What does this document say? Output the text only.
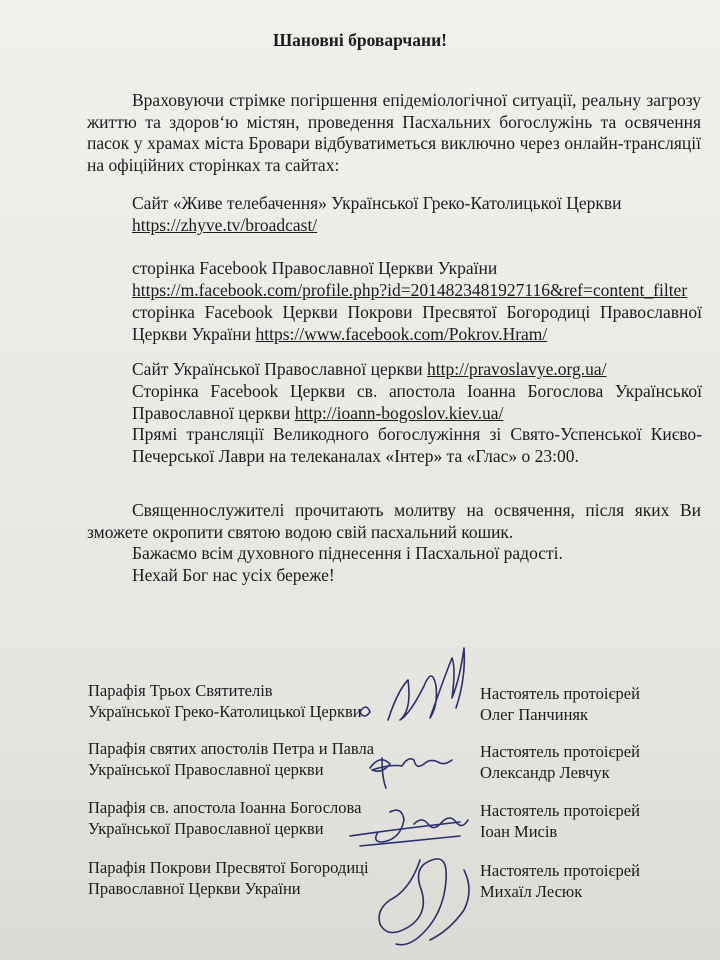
Шановні броварчани!
Враховуючи стрімке погіршення епідеміологічної ситуації, реальну загрозу життю та здоров‘ю містян, проведення Пасхальних богослужінь та освячення пасок у храмах міста Бровари відбуватиметься виключно через онлайн-трансляції на офіційних сторінках та сайтах:
Сайт «Живе телебачення» Української Греко-Католицької Церкви
https://zhyve.tv/broadcast/
сторінка Facebook Православної Церкви України
https://m.facebook.com/profile.php?id=2014823481927116&ref=content_filter
сторінка Facebook Церкви Покрови Пресвятої Богородиці Православної Церкви України https://www.facebook.com/Pokrov.Hram/
Сайт Української Православної церкви http://pravoslavye.org.ua/
Сторінка Facebook Церкви св. апостола Іоанна Богослова Української Православної церкви http://ioann-bogoslov.kiev.ua/
Прямі трансляції Великодного богослужіння зі Свято-Успенської Києво-Печерської Лаври на телеканалах «Інтер» та «Глас» о 23:00.
Священнослужителі прочитають молитву на освячення, після яких Ви зможете окропити святою водою свій пасхальний кошик.
Бажаємо всім духовного піднесення і Пасхальної радості.
Нехай Бог нас усіх береже!
Парафія Трьох Святителів
Української Греко-Католицької Церкви
Настоятель протоієрей
Олег Панчиняк
Парафія святих апостолів Петра и Павла
Української Православної церкви
Настоятель протоієрей
Олександр Левчук
Парафія св. апостола Іоанна Богослова
Української Православної церкви
Настоятель протоієрей
Іоан Мисів
Парафія Покрови Пресвятої Богородиці
Православної Церкви України
Настоятель протоієрей
Михаїл Лесюк
